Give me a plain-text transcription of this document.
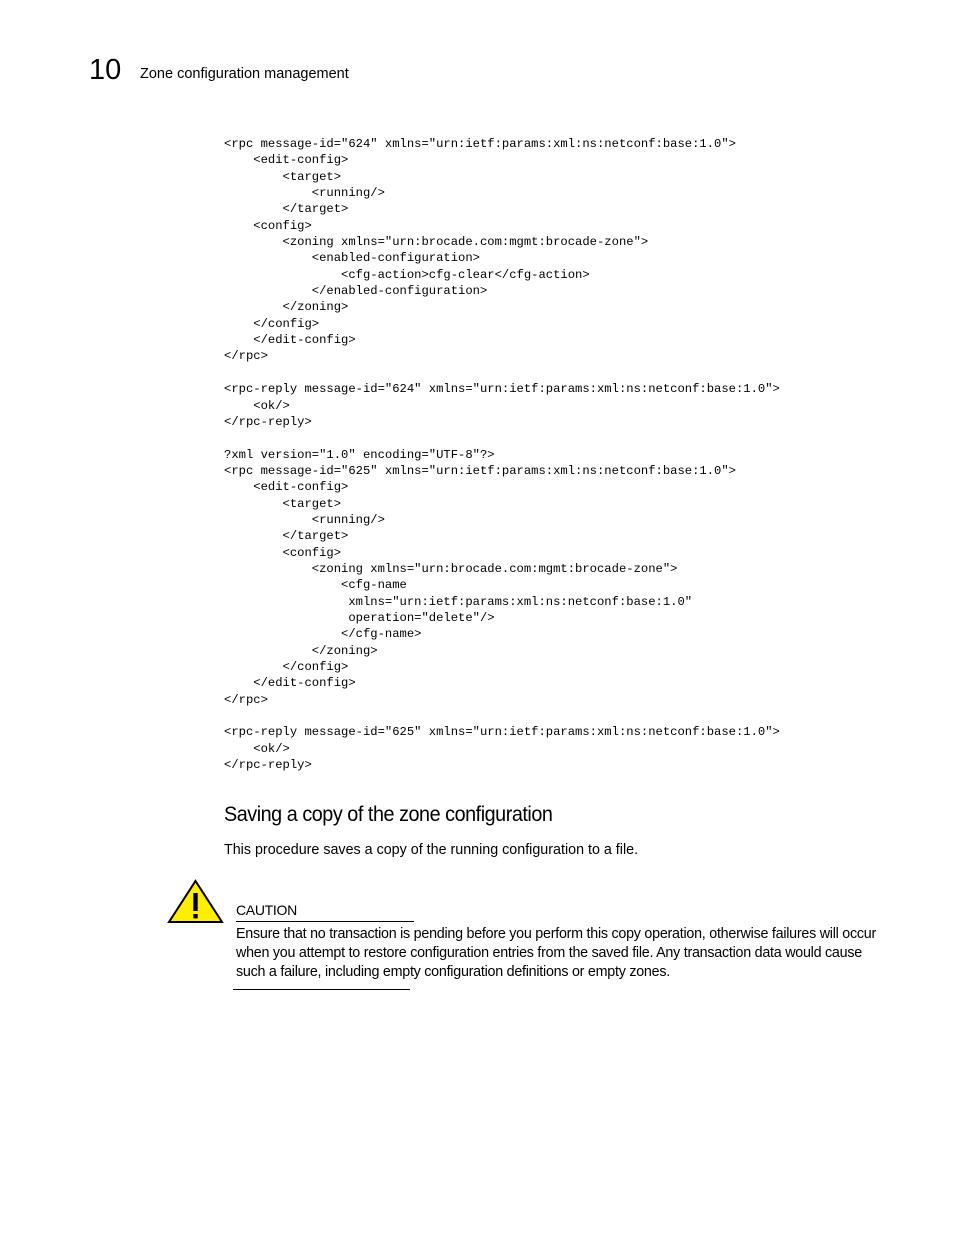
10 Zone configuration management
<rpc message-id="624" xmlns="urn:ietf:params:xml:ns:netconf:base:1.0">
<edit-config>
<target>
<running/>
</target>
<config>
<zoning xmlns="urn:brocade.com:mgmt:brocade-zone">
<enabled-configuration>
<cfg-action>cfg-clear</cfg-action>
</enabled-configuration>
</zoning>
</config>
</edit-config>
</rpc>

<rpc-reply message-id="624" xmlns="urn:ietf:params:xml:ns:netconf:base:1.0">
<ok/>
</rpc-reply>

?xml version="1.0" encoding="UTF-8"?>
<rpc message-id="625" xmlns="urn:ietf:params:xml:ns:netconf:base:1.0">
<edit-config>
<target>
<running/>
</target>
<config>
<zoning xmlns="urn:brocade.com:mgmt:brocade-zone">
<cfg-name
xmlns="urn:ietf:params:xml:ns:netconf:base:1.0"
operation="delete"/>
</cfg-name>
</zoning>
</config>
</edit-config>
</rpc>

<rpc-reply message-id="625" xmlns="urn:ietf:params:xml:ns:netconf:base:1.0">
<ok/>
</rpc-reply>
Saving a copy of the zone configuration

This procedure saves a copy of the running configuration to a file.

CAUTION

Ensure that no transaction is pending before you perform this copy operation, otherwise failures will occur when you attempt to restore configuration entries from the saved file. Any transaction data would cause such a failure, including empty configuration definitions or empty zones.
